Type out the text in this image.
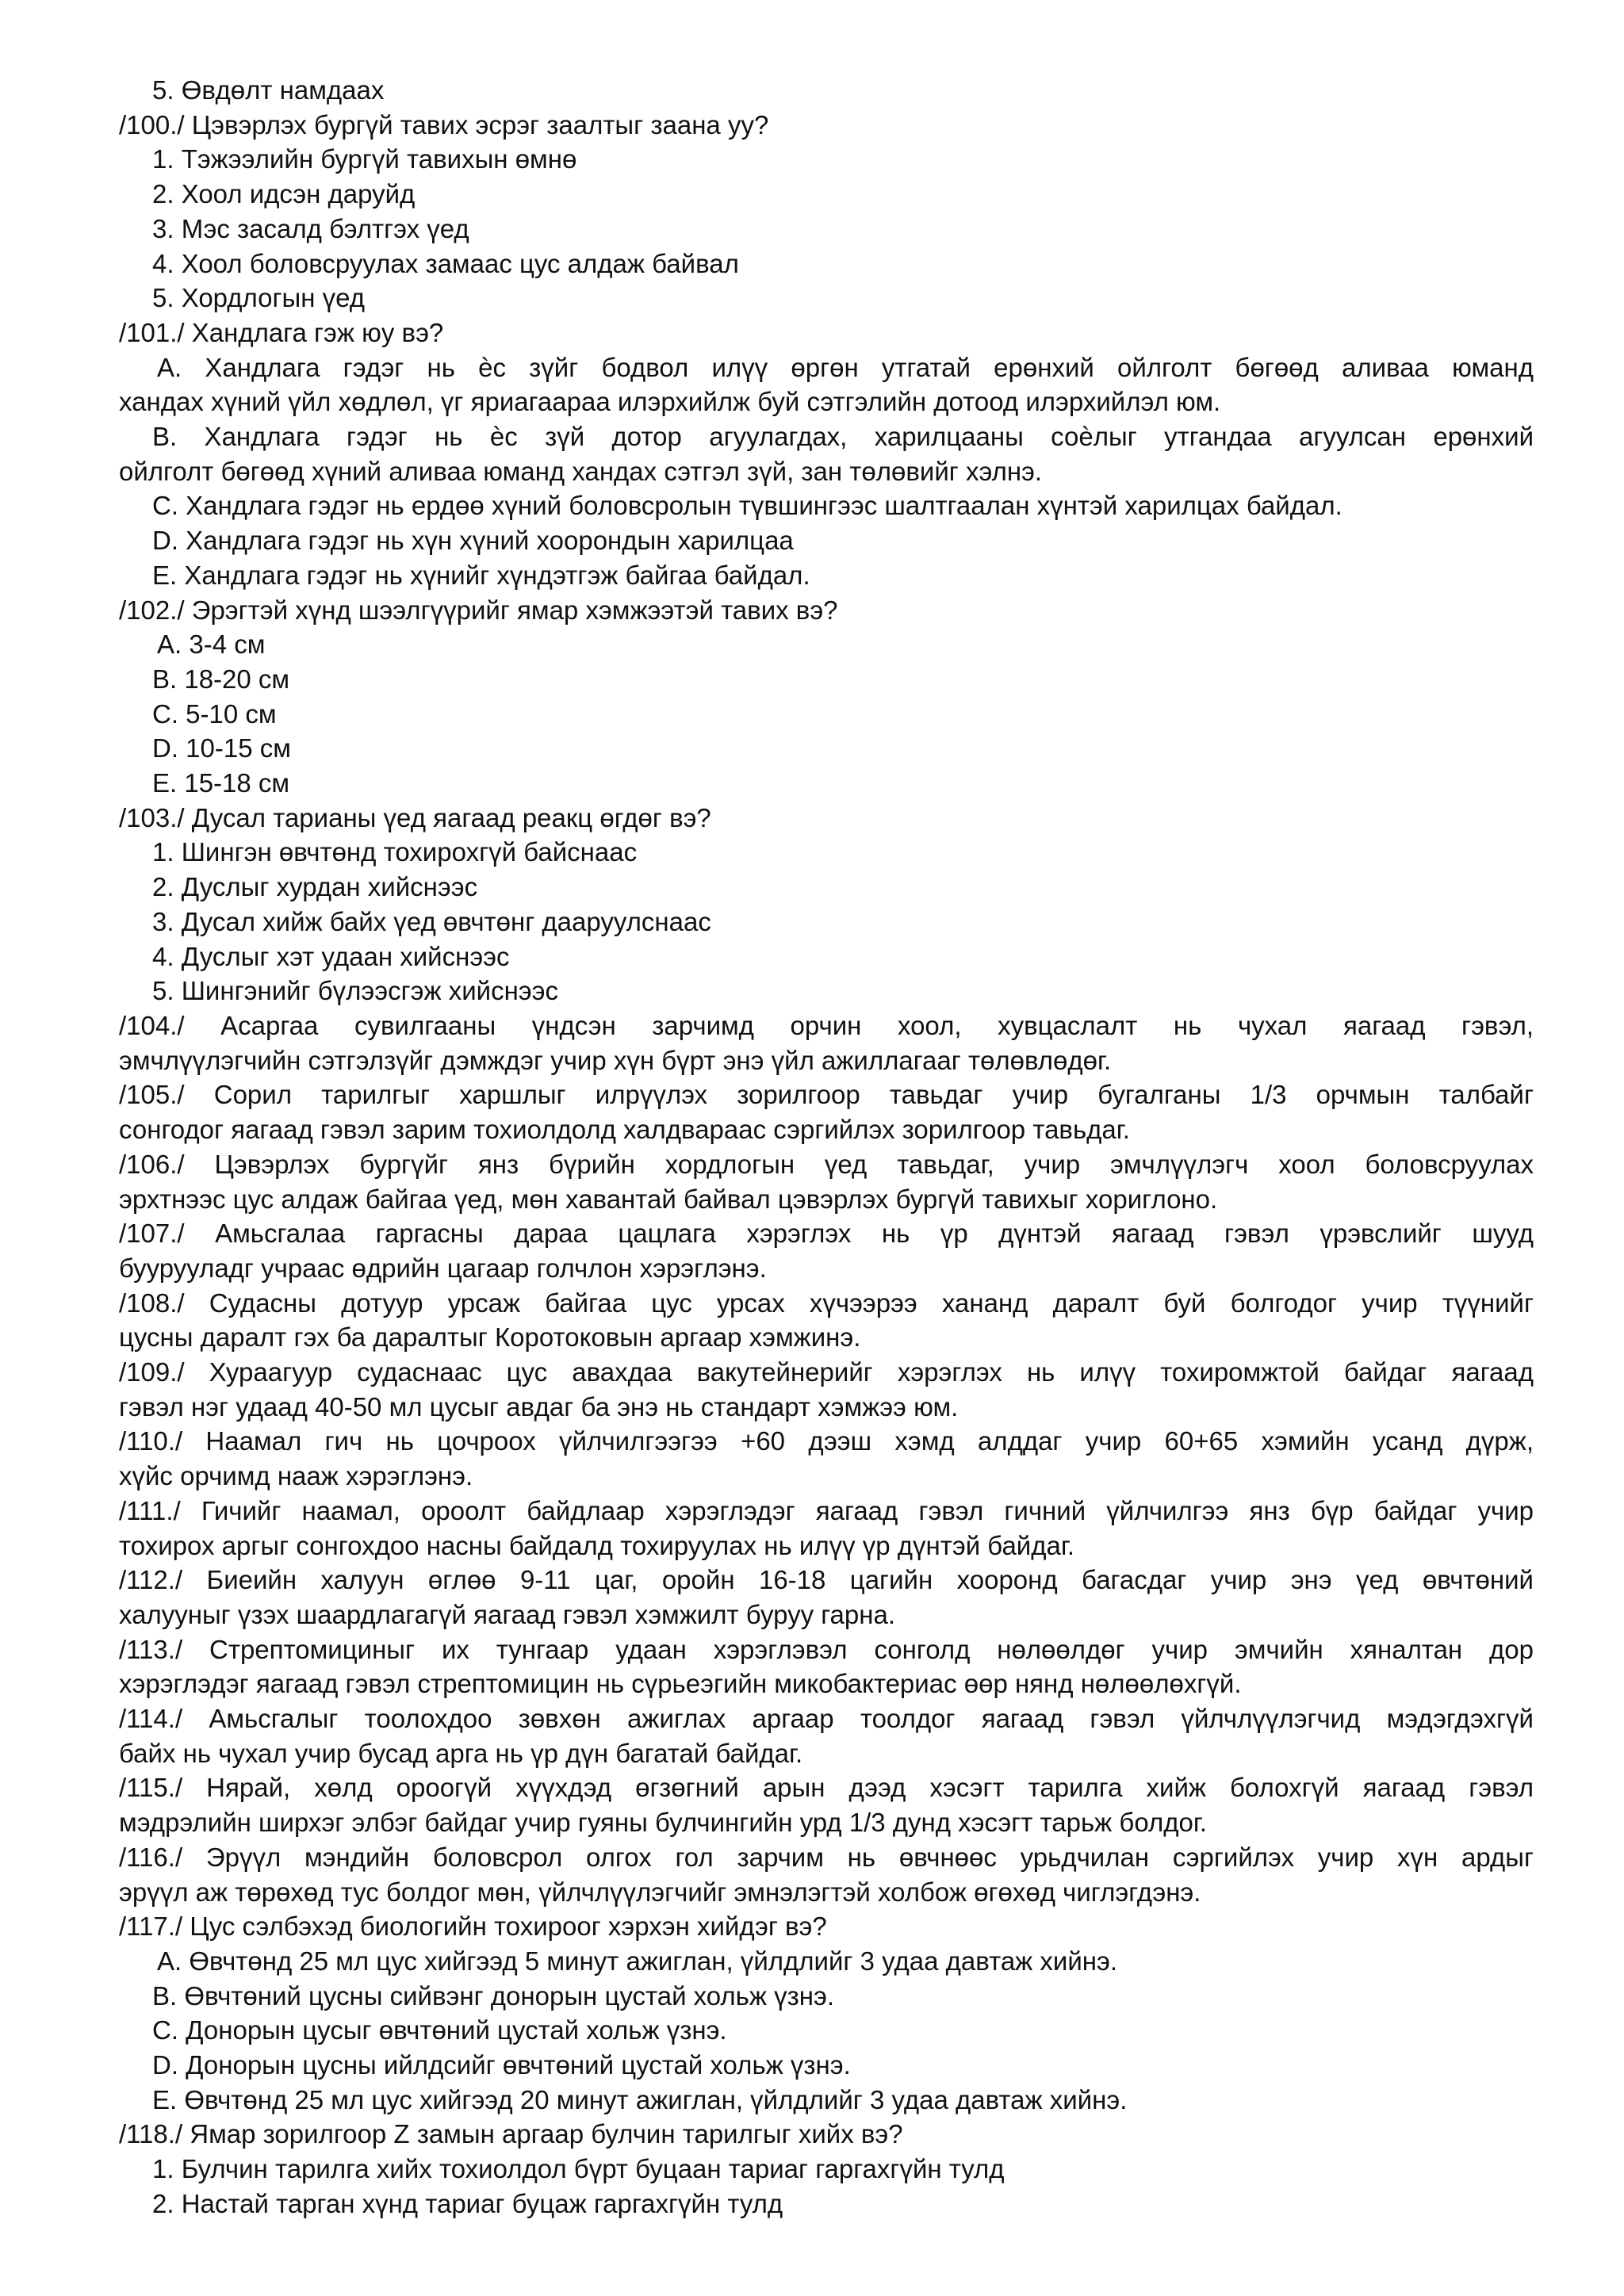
5. Өвдөлт намдаах
/100./ Цэвэрлэх бургүй тавих эсрэг заалтыг заана уу?
1. Тэжээлийн бургүй тавихын өмнө
2. Хоол идсэн даруйд
3. Мэс засалд бэлтгэх үед
4. Хоол боловсруулах замаас цус алдаж байвал
5. Хордлогын үед
/101./ Хандлага гэж юу вэ?
A. Хандлага гэдэг нь ѐс зүйг бодвол илүү өргөн утгатай ерөнхий ойлголт бөгөөд аливаа юманд
хандах хүний үйл хөдлөл, үг яриагаараа илэрхийлж буй сэтгэлийн дотоод илэрхийлэл юм.
B. Хандлага гэдэг нь ѐс зүй дотор агуулагдах, харилцааны соѐлыг утгандаа агуулсан ерөнхий
ойлголт бөгөөд хүний аливаа юманд хандах сэтгэл зүй, зан төлөвийг хэлнэ.
C. Хандлага гэдэг нь ердөө хүний боловсролын түвшингээс шалтгаалан хүнтэй харилцах байдал.
D. Хандлага гэдэг нь хүн хүний хоорондын харилцаа
E. Хандлага гэдэг нь хүнийг хүндэтгэж байгаа байдал.
/102./ Эрэгтэй хүнд шээлгүүрийг ямар хэмжээтэй тавих вэ?
A. 3-4 см
B. 18-20 см
C. 5-10 см
D. 10-15 см
E. 15-18 см
/103./ Дусал тарианы үед яагаад реакц өгдөг вэ?
1. Шингэн өвчтөнд тохирохгүй байснаас
2. Дуслыг хурдан хийснээс
3. Дусал хийж байх үед өвчтөнг дааруулснаас
4. Дуслыг хэт удаан хийснээс
5. Шингэнийг бүлээсгэж хийснээс
/104./ Асаргаа сувилгааны үндсэн зарчимд орчин хоол, хувцаслалт нь чухал яагаад гэвэл,
эмчлүүлэгчийн сэтгэлзүйг дэмждэг учир хүн бүрт энэ үйл ажиллагааг төлөвлөдөг.
/105./ Сорил тарилгыг харшлыг илрүүлэх зорилгоор тавьдаг учир бугалганы 1/3 орчмын талбайг
сонгодог яагаад гэвэл зарим тохиолдолд халдвараас сэргийлэх зорилгоор тавьдаг.
/106./ Цэвэрлэх бургүйг янз бүрийн хордлогын үед тавьдаг, учир эмчлүүлэгч хоол боловсруулах
эрхтнээс цус алдаж байгаа үед, мөн хавантай байвал цэвэрлэх бургүй тавихыг хориглоно.
/107./ Амьсгалаа гаргасны дараа цацлага хэрэглэх нь үр дүнтэй яагаад гэвэл үрэвслийг шууд
буурууладг учраас өдрийн цагаар голчлон хэрэглэнэ.
/108./ Судасны дотуур урсаж байгаа цус урсах хүчээрээ хананд даралт буй болгодог учир түүнийг
цусны даралт гэх ба даралтыг Коротоковын аргаар хэмжинэ.
/109./ Хураагуур судаснаас цус авахдаа вакутейнерийг хэрэглэх нь илүү тохиромжтой байдаг яагаад
гэвэл нэг удаад 40-50 мл цусыг авдаг ба энэ нь стандарт хэмжээ юм.
/110./ Наамал гич нь цочроох үйлчилгээгээ +60 дээш хэмд алддаг учир 60+65 хэмийн усанд дүрж,
хүйс орчимд нааж хэрэглэнэ.
/111./ Гичийг наамал, ороолт байдлаар хэрэглэдэг яагаад гэвэл гичний үйлчилгээ янз бүр байдаг учир
тохирох аргыг сонгохдоо насны байдалд тохируулах нь илүү үр дүнтэй байдаг.
/112./ Биеийн халуун өглөө 9-11 цаг, оройн 16-18 цагийн хооронд багасдаг учир энэ үед өвчтөний
халууныг үзэх шаардлагагүй яагаад гэвэл хэмжилт буруу гарна.
/113./ Стрептомициныг их тунгаар удаан хэрэглэвэл сонголд нөлөөлдөг учир эмчийн хяналтан дор
хэрэглэдэг яагаад гэвэл стрептомицин нь сүрьеэгийн микобактериас өөр нянд нөлөөлөхгүй.
/114./ Амьсгалыг тоолохдоо зөвхөн ажиглах аргаар тоолдог яагаад гэвэл үйлчлүүлэгчид мэдэгдэхгүй
байх нь чухал учир бусад арга нь үр дүн багатай байдаг.
/115./ Нярай, хөлд ороогүй хүүхдэд өгзөгний арын дээд хэсэгт тарилга хийж болохгүй яагаад гэвэл
мэдрэлийн ширхэг элбэг байдаг учир гуяны булчингийн урд 1/3 дунд хэсэгт тарьж болдог.
/116./ Эрүүл мэндийн боловсрол олгох гол зарчим нь өвчнөөс урьдчилан сэргийлэх учир хүн ардыг
эрүүл аж төрөхөд тус болдог мөн, үйлчлүүлэгчийг эмнэлэгтэй холбож өгөхөд чиглэгдэнэ.
/117./ Цус сэлбэхэд биологийн тохироог хэрхэн хийдэг вэ?
A. Өвчтөнд 25 мл цус хийгээд 5 минут ажиглан, үйлдлийг 3 удаа давтаж хийнэ.
B. Өвчтөний цусны сийвэнг донорын цустай хольж үзнэ.
C. Донорын цусыг өвчтөний цустай хольж үзнэ.
D. Донорын цусны ийлдсийг өвчтөний цустай хольж үзнэ.
E. Өвчтөнд 25 мл цус хийгээд 20 минут ажиглан, үйлдлийг 3 удаа давтаж хийнэ.
/118./ Ямар зорилгоор Z замын аргаар булчин тарилгыг хийх вэ?
1. Булчин тарилга хийх тохиолдол бүрт буцаан тариаг гаргахгүйн тулд
2. Настай тарган хүнд тариаг буцаж гаргахгүйн тулд
